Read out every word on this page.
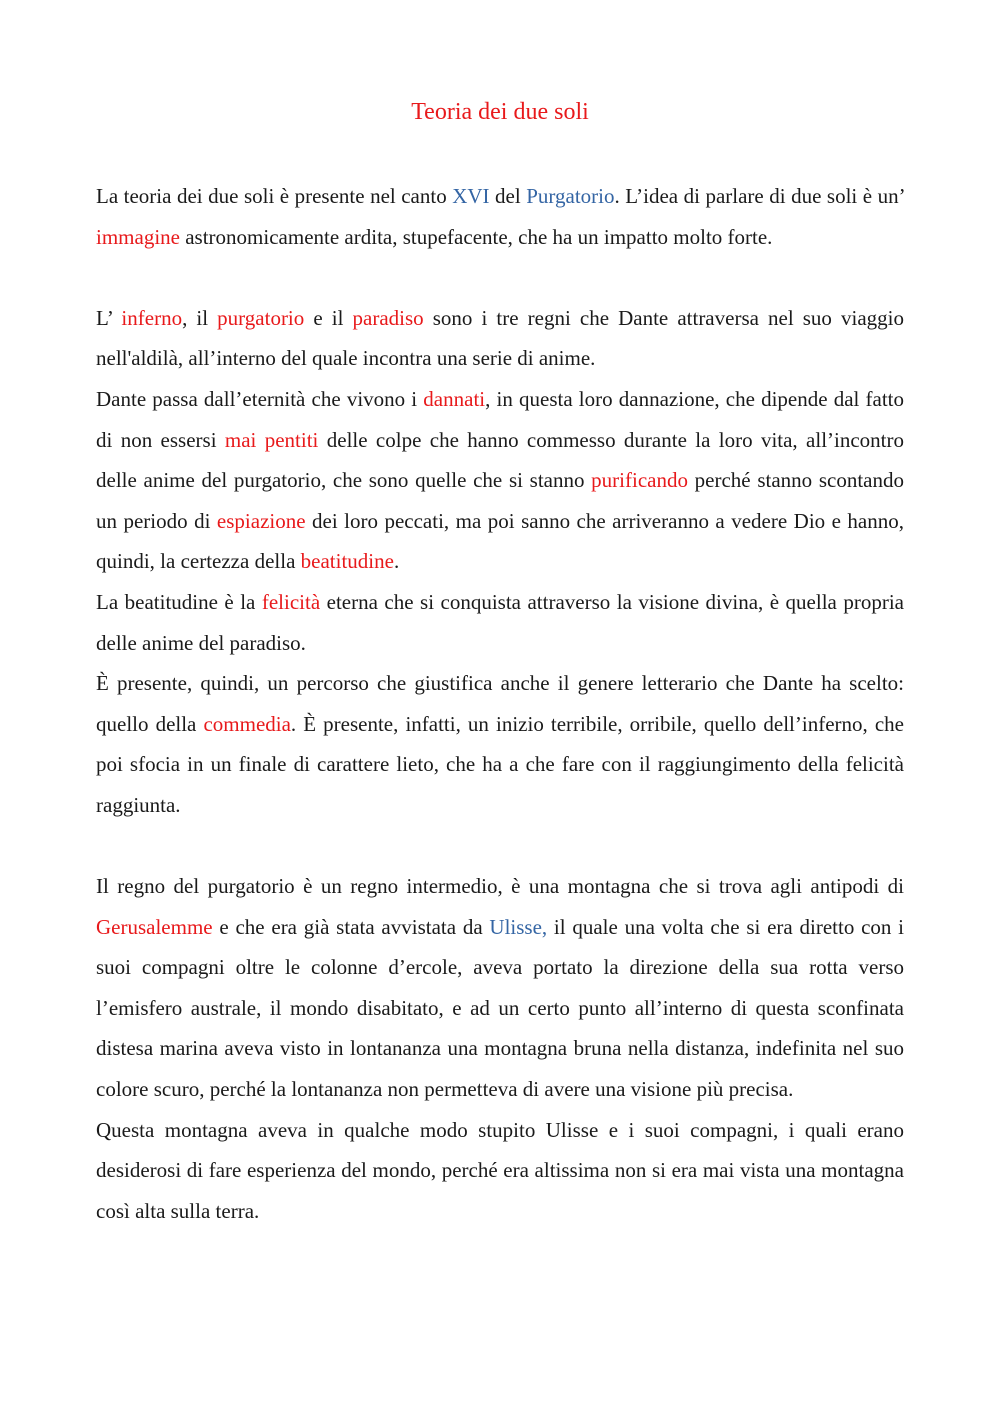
Teoria dei due soli

La teoria dei due soli è presente nel canto XVI del Purgatorio. L’idea di parlare di due soli è un’ immagine astronomicamente ardita, stupefacente, che ha un impatto molto forte.

L’ inferno, il purgatorio e il paradiso sono i tre regni che Dante attraversa nel suo viaggio nell'aldilà, all’interno del quale incontra una serie di anime.

Dante passa dall’eternità che vivono i dannati, in questa loro dannazione, che dipende dal fatto di non essersi mai pentiti delle colpe che hanno commesso durante la loro vita, all’incontro delle anime del purgatorio, che sono quelle che si stanno purificando perché stanno scontando un periodo di espiazione dei loro peccati, ma poi sanno che arriveranno a vedere Dio e hanno, quindi, la certezza della beatitudine.

La beatitudine è la felicità eterna che si conquista attraverso la visione divina, è quella propria delle anime del paradiso.

È presente, quindi, un percorso che giustifica anche il genere letterario che Dante ha scelto: quello della commedia. È presente, infatti, un inizio terribile, orribile, quello dell’inferno, che poi sfocia in un finale di carattere lieto, che ha a che fare con il raggiungimento della felicità raggiunta.

Il regno del purgatorio è un regno intermedio, è una montagna che si trova agli antipodi di Gerusalemme e che era già stata avvistata da Ulisse, il quale una volta che si era diretto con i suoi compagni oltre le colonne d’ercole, aveva portato la direzione della sua rotta verso l’emisfero australe, il mondo disabitato, e ad un certo punto all’interno di questa sconfinata distesa marina aveva visto in lontananza una montagna bruna nella distanza, indefinita nel suo colore scuro, perché la lontananza non permetteva di avere una visione più precisa.

Questa montagna aveva in qualche modo stupito Ulisse e i suoi compagni, i quali erano desiderosi di fare esperienza del mondo, perché era altissima non si era mai vista una montagna così alta sulla terra.
